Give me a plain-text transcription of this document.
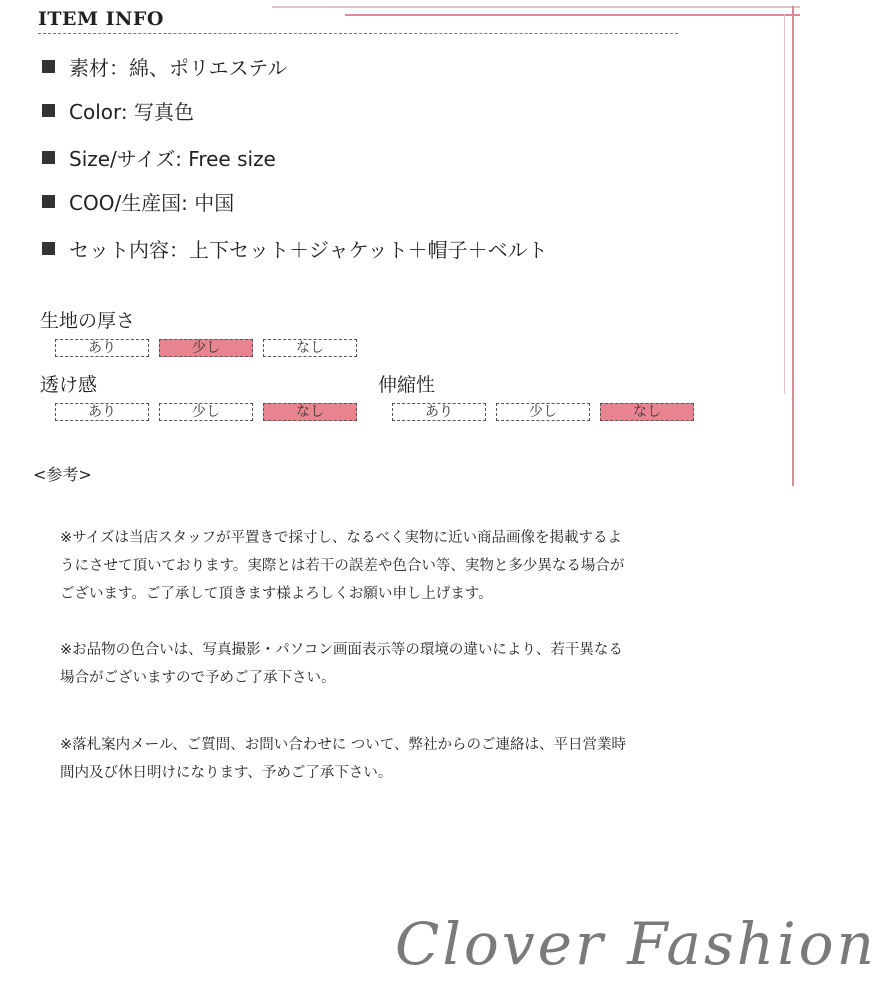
ITEM INFO
素材：綿、ポリエステル
Color: 写真色
Size/サイズ: Free size
COO/生産国: 中国
セット内容：上下セット＋ジャケット＋帽子＋ベルト
生地の厚さ
あり	少し	なし
透け感
あり	少し	なし
伸縮性
あり	少し	なし
<参考>
※サイズは当店スタッフが平置きで採寸し、なるべく実物に近い商品画像を掲載するよ
うにさせて頂いております。実際とは若干の誤差や色合い等、実物と多少異なる場合が
ございます。ご了承して頂きます様よろしくお願い申し上げます。
※お品物の色合いは、写真撮影・パソコン画面表示等の環境の違いにより、若干異なる
場合がございますので予めご了承下さい。
※落札案内メール、ご質問、お問い合わせに ついて、弊社からのご連絡は、平日営業時
間内及び休日明けになります、予めご了承下さい。
Clover Fashion
